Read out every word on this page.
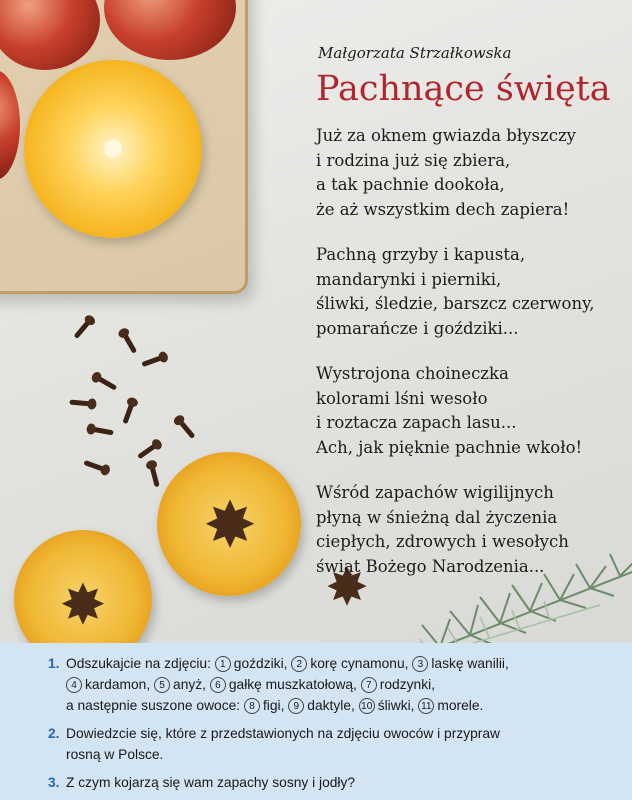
✸
✸	✸
Małgorzata Strzałkowska
Pachnące święta
Już za oknem gwiazda błyszczy
i rodzina już się zbiera,
a tak pachnie dookoła,
że aż wszystkim dech zapiera!
Pachną grzyby i kapusta,
mandarynki i pierniki,
śliwki, śledzie, barszcz czerwony,
pomarańcze i goździki...
Wystrojona choineczka
kolorami lśni wesoło
i roztacza zapach lasu...
Ach, jak pięknie pachnie wkoło!
Wśród zapachów wigilijnych
płyną w śnieżną dal życzenia
ciepłych, zdrowych i wesołych
świąt Bożego Narodzenia...
1. Odszukajcie na zdjęciu: 1 goździki, 2 korę cynamonu, 3 laskę wanilii,
4 kardamon, 5 anyż, 6 gałkę muszkatołową, 7 rodzynki,
a następnie suszone owoce: 8 figi, 9 daktyle, 10 śliwki, 11 morele.
2. Dowiedzcie się, które z przedstawionych na zdjęciu owoców i przypraw
rosną w Polsce.
3. Z czym kojarzą się wam zapachy sosny i jodły?
